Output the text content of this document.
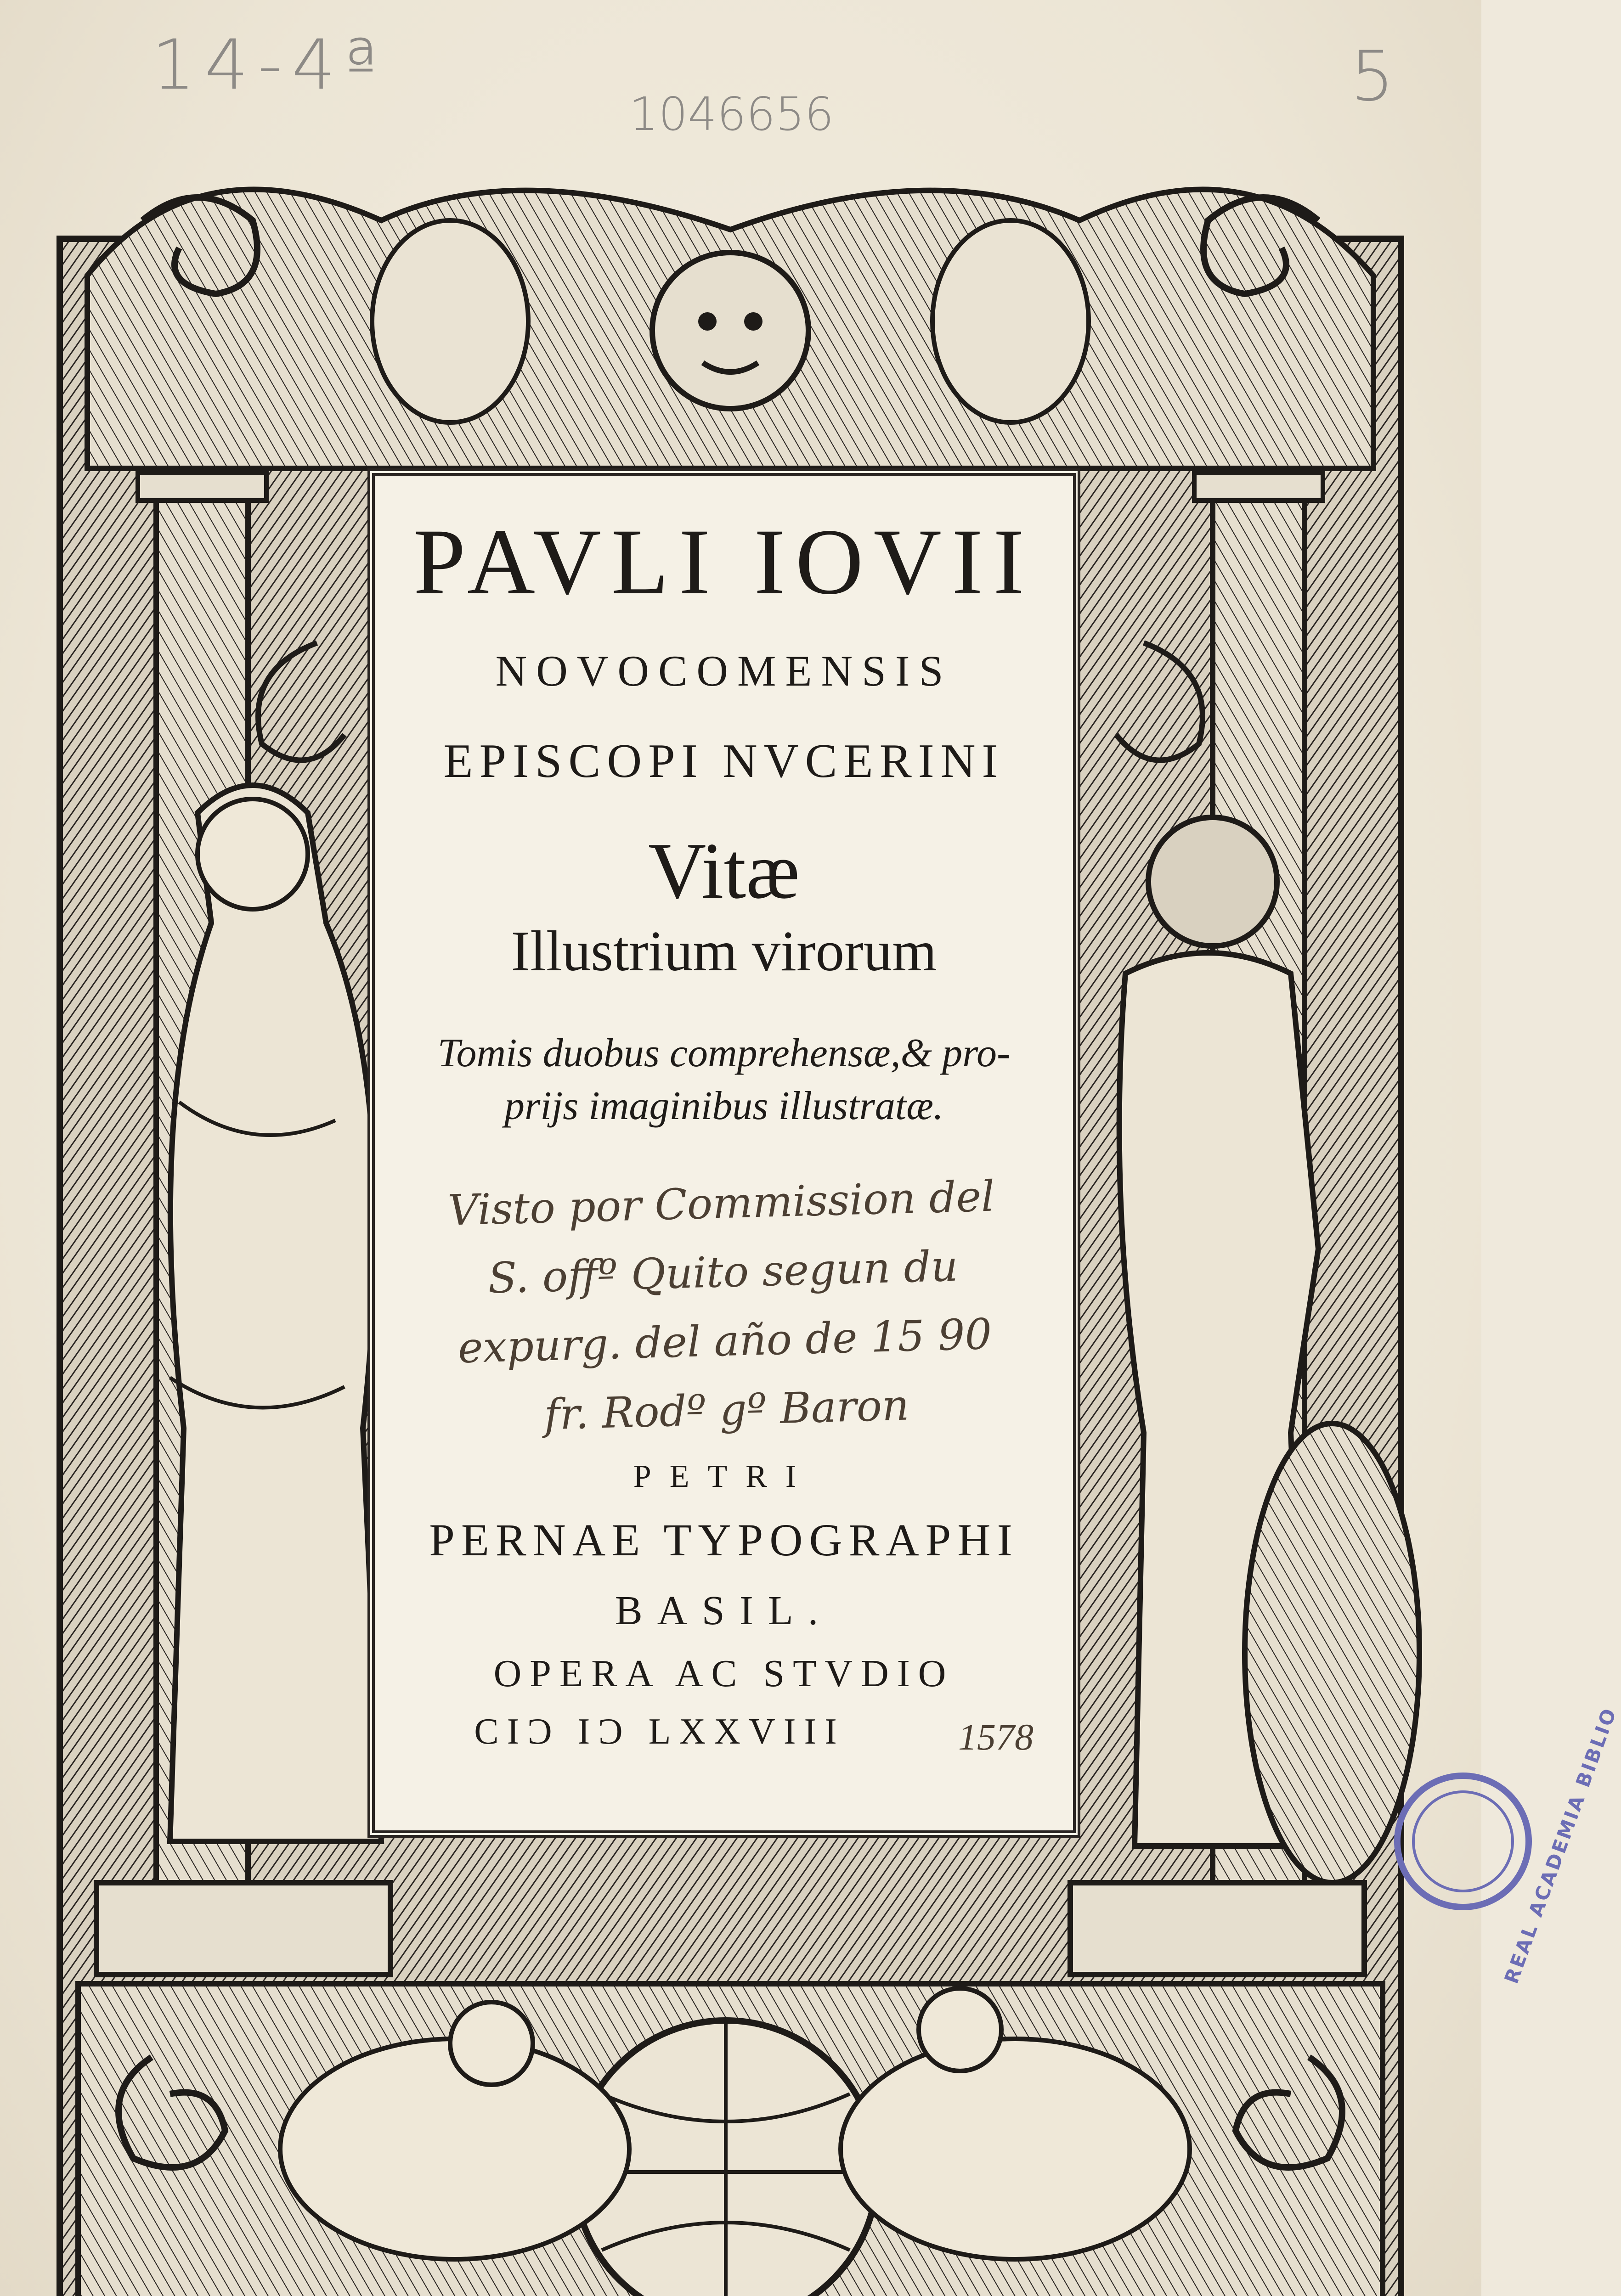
14-4ª
1046656	5
PAVLI IOVII
NOVOCOMENSIS
EPISCOPI NVCERINI
Vitæ
Illustrium virorum
Tomis duobus comprehensæ,& pro-
prijs imaginibus illustratæ.
Visto por Commission del
S. offº Quito segun du
expurg. del año de 15 90
fr. Rodº gº Baron
PETRI
PERNAE TYPOGRAPHI
BASIL.
OPERA AC STVDIO
CIƆ IƆ LXXVIII	1578	REAL ACADEMIA BIBLIO
